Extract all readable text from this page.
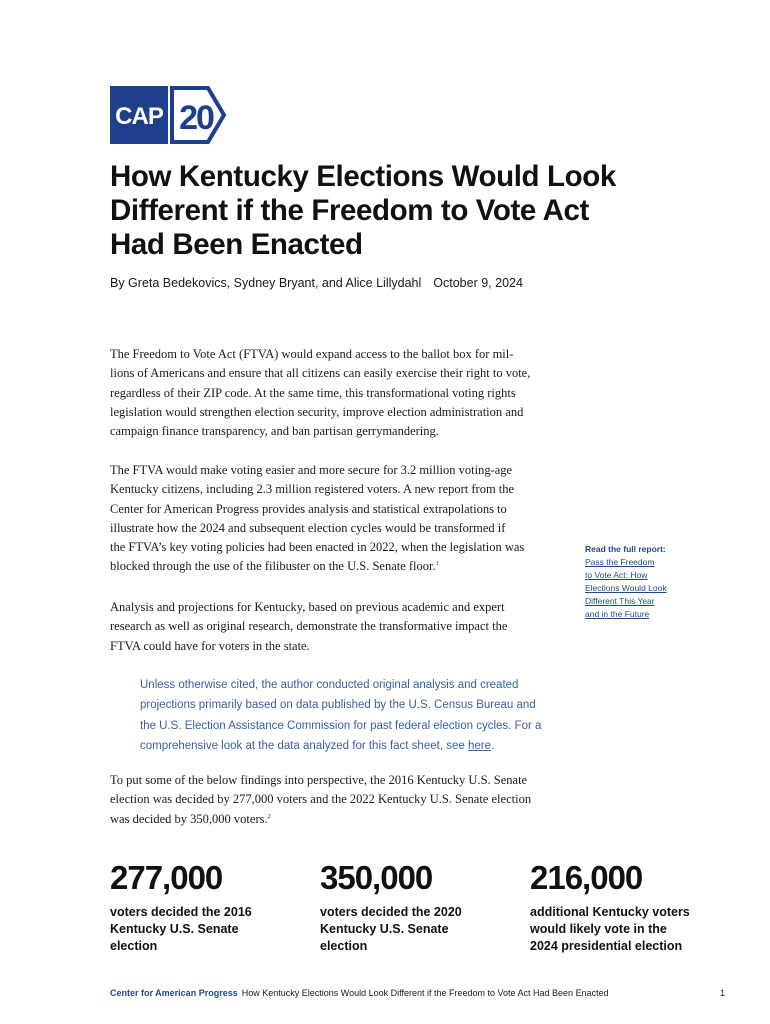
CAP 20
How Kentucky Elections Would Look
Different if the Freedom to Vote Act
Had Been Enacted
By Greta Bedekovics, Sydney Bryant, and Alice Lillydahl October 9, 2024

The Freedom to Vote Act (FTVA) would expand access to the ballot box for mil-
lions of Americans and ensure that all citizens can easily exercise their right to vote,
regardless of their ZIP code. At the same time, this transformational voting rights
legislation would strengthen election security, improve election administration and
campaign finance transparency, and ban partisan gerrymandering.

The FTVA would make voting easier and more secure for 3.2 million voting-age
Kentucky citizens, including 2.3 million registered voters. A new report from the
Center for American Progress provides analysis and statistical extrapolations to
illustrate how the 2024 and subsequent election cycles would be transformed if
the FTVA’s key voting policies had been enacted in 2022, when the legislation was
blocked through the use of the filibuster on the U.S. Senate floor.$^1$

Read the full report:
Pass the Freedom
to Vote Act: How
Elections Would Look
Different This Year
and in the Future

Analysis and projections for Kentucky, based on previous academic and expert
research as well as original research, demonstrate the transformative impact the
FTVA could have for voters in the state.

Unless otherwise cited, the author conducted original analysis and created
projections primarily based on data published by the U.S. Census Bureau and
the U.S. Election Assistance Commission for past federal election cycles. For a
comprehensive look at the data analyzed for this fact sheet, see here.

To put some of the below findings into perspective, the 2016 Kentucky U.S. Senate
election was decided by 277,000 voters and the 2022 Kentucky U.S. Senate election
was decided by 350,000 voters.$^2$

277,000
voters decided the 2016
Kentucky U.S. Senate
election
350,000
voters decided the 2020
Kentucky U.S. Senate
election
216,000
additional Kentucky voters
would likely vote in the
2024 presidential election
Center for American Progress How Kentucky Elections Would Look Different if the Freedom to Vote Act Had Been Enacted	1
